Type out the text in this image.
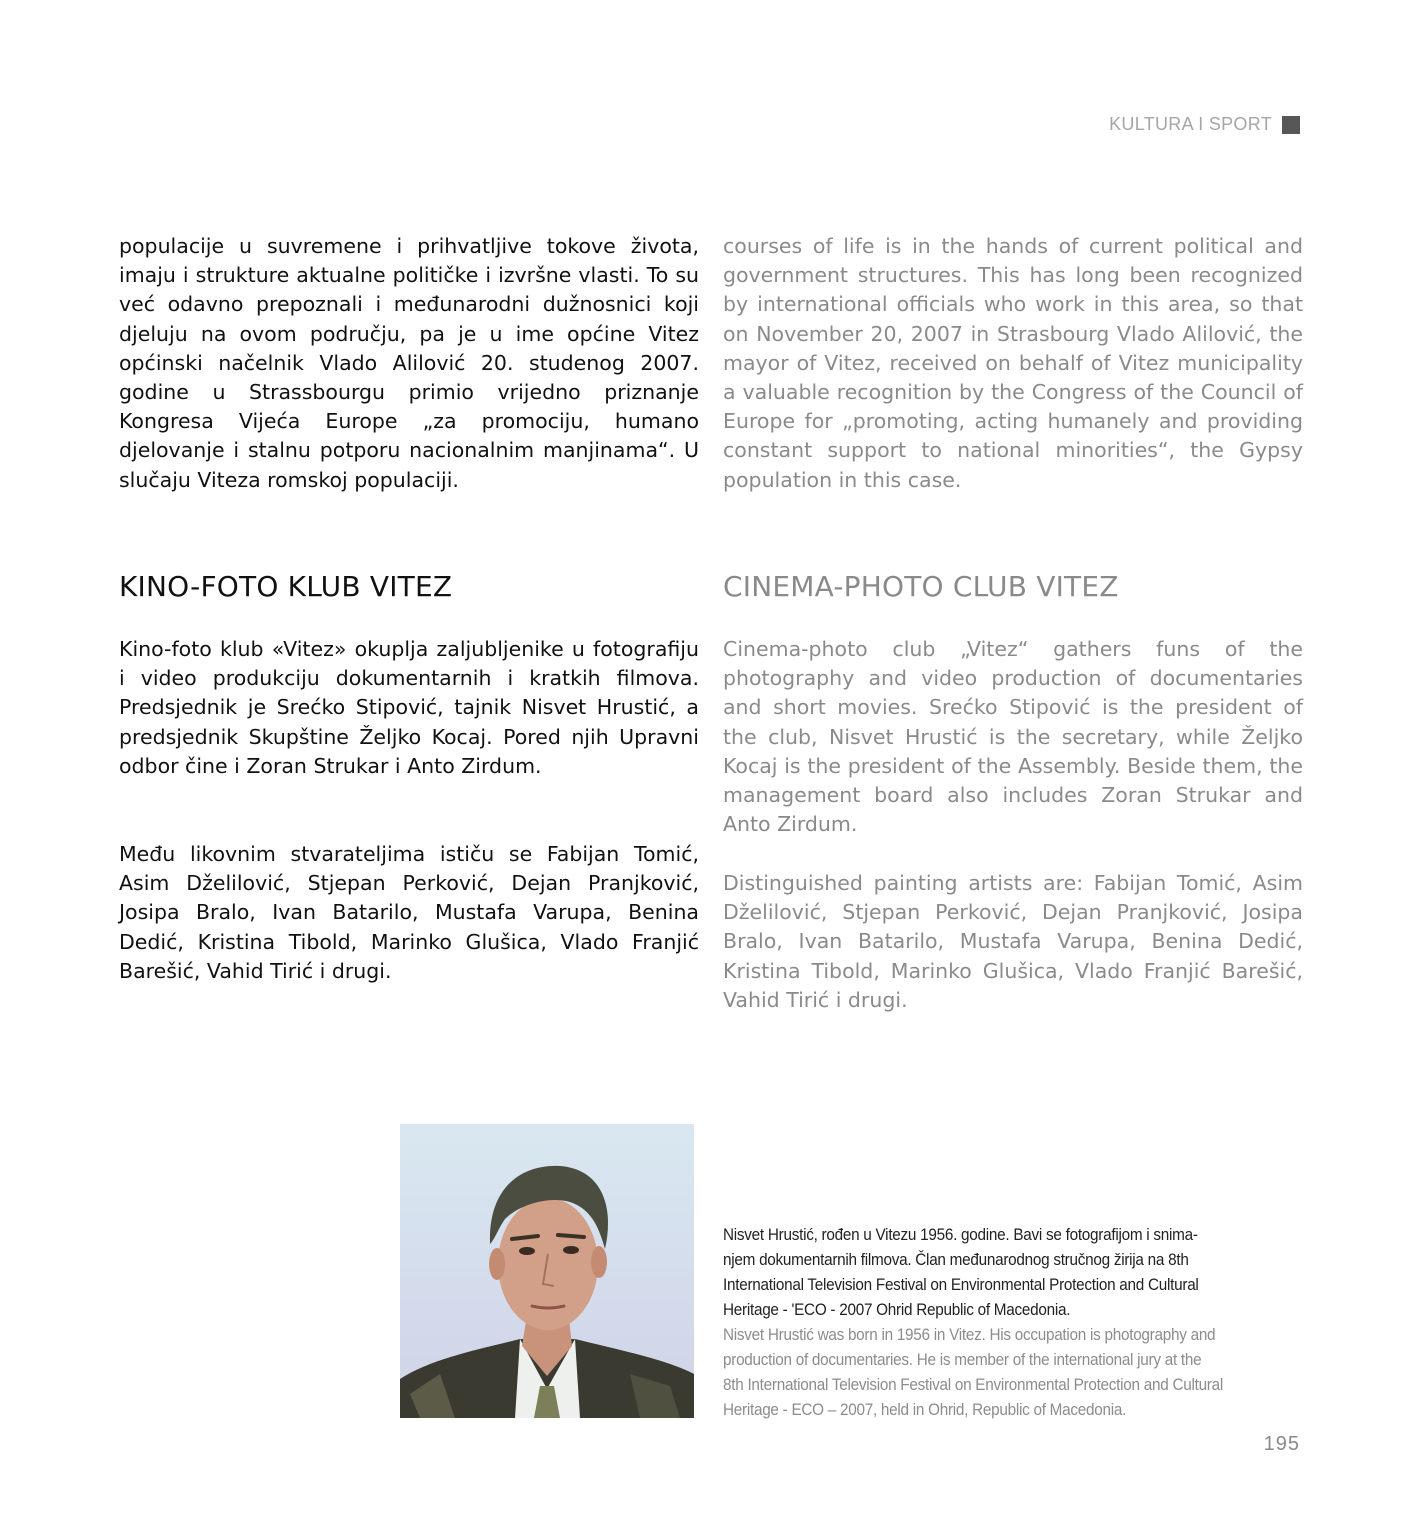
KULTURA I SPORT

populacije u suvremene i prihvatljive tokove života, imaju i strukture aktualne političke i izvršne vlasti. To su već odavno prepoznali i međunarodni dužnosnici koji djeluju na ovom području, pa je u ime općine Vitez općinski načelnik Vlado Alilović 20. studenog 2007. godine u Strassbourgu primio vrijedno priznanje Kongresa Vijeća Europe „za promociju, humano djelovanje i stalnu potporu nacionalnim manjinama“. U slučaju Viteza romskoj populaciji.

courses of life is in the hands of current political and government structures. This has long been recognized by international officials who work in this area, so that on November 20, 2007 in Strasbourg Vlado Alilović, the mayor of Vitez, received on behalf of Vitez municipality a valuable recognition by the Congress of the Council of Europe for „promoting, acting humanely and providing constant support to national minorities“, the Gypsy population in this case.

KINO-FOTO KLUB VITEZ	CINEMA-PHOTO CLUB VITEZ

Kino-foto klub «Vitez» okuplja zaljubljenike u fotografiju i video produkciju dokumentarnih i kratkih filmova. Predsjednik je Srećko Stipović, tajnik Nisvet Hrustić, a predsjednik Skupštine Željko Kocaj. Pored njih Upravni odbor čine i Zoran Strukar i Anto Zirdum.

Cinema-photo club „Vitez“ gathers funs of the photography and video production of documentaries and short movies. Srećko Stipović is the president of the club, Nisvet Hrustić is the secretary, while Željko Kocaj is the president of the Assembly. Beside them, the management board also includes Zoran Strukar and Anto Zirdum.

Među likovnim stvarateljima ističu se Fabijan Tomić, Asim Dželilović, Stjepan Perković, Dejan Pranjković, Josipa Bralo, Ivan Batarilo, Mustafa Varupa, Benina Dedić, Kristina Tibold, Marinko Glušica, Vlado Franjić Barešić, Vahid Tirić i drugi.

Distinguished painting artists are: Fabijan Tomić, Asim Dželilović, Stjepan Perković, Dejan Pranjković, Josipa Bralo, Ivan Batarilo, Mustafa Varupa, Benina Dedić, Kristina Tibold, Marinko Glušica, Vlado Franjić Barešić, Vahid Tirić i drugi.

Nisvet Hrustić, rođen u Vitezu 1956. godine. Bavi se fotografijom i snima-

njem dokumentarnih filmova. Član međunarodnog stručnog žirija na 8th

International Television Festival on Environmental Protection and Cultural

Heritage - 'ECO - 2007 Ohrid Republic of Macedonia.

Nisvet Hrustić was born in 1956 in Vitez. His occupation is photography and

production of documentaries. He is member of the international jury at the

8th International Television Festival on Environmental Protection and Cultural

Heritage - ECO – 2007, held in Ohrid, Republic of Macedonia.

195
